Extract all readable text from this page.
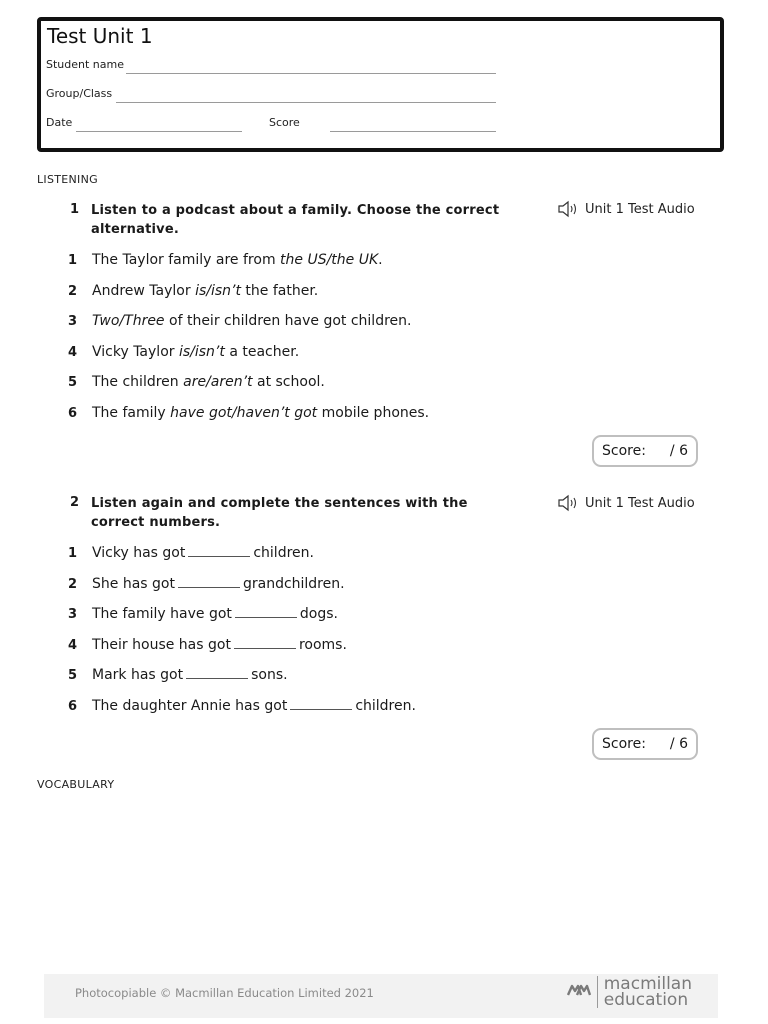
Test Unit 1
Student name
Group/Class
Date	Score
LISTENING
1 Listen to a podcast about a family. Choose the correct alternative.
Unit 1 Test Audio
1 The Taylor family are from the US/the UK.
2 Andrew Taylor is/isn’t the father.
3 Two/Three of their children have got children.
4 Vicky Taylor is/isn’t a teacher.
5 The children are/aren’t at school.
6 The family have got/haven’t got mobile phones.
Score: / 6
2 Listen again and complete the sentences with the correct numbers.
Unit 1 Test Audio
1 Vicky has got	children.
2 She has got	grandchildren.
3 The family have got	dogs.
4 Their house has got	rooms.
5 Mark has got	sons.
6 The daughter Annie has got	children.
Score: / 6
VOCABULARY
Photocopiable © Macmillan Education Limited 2021	macmillan
education
